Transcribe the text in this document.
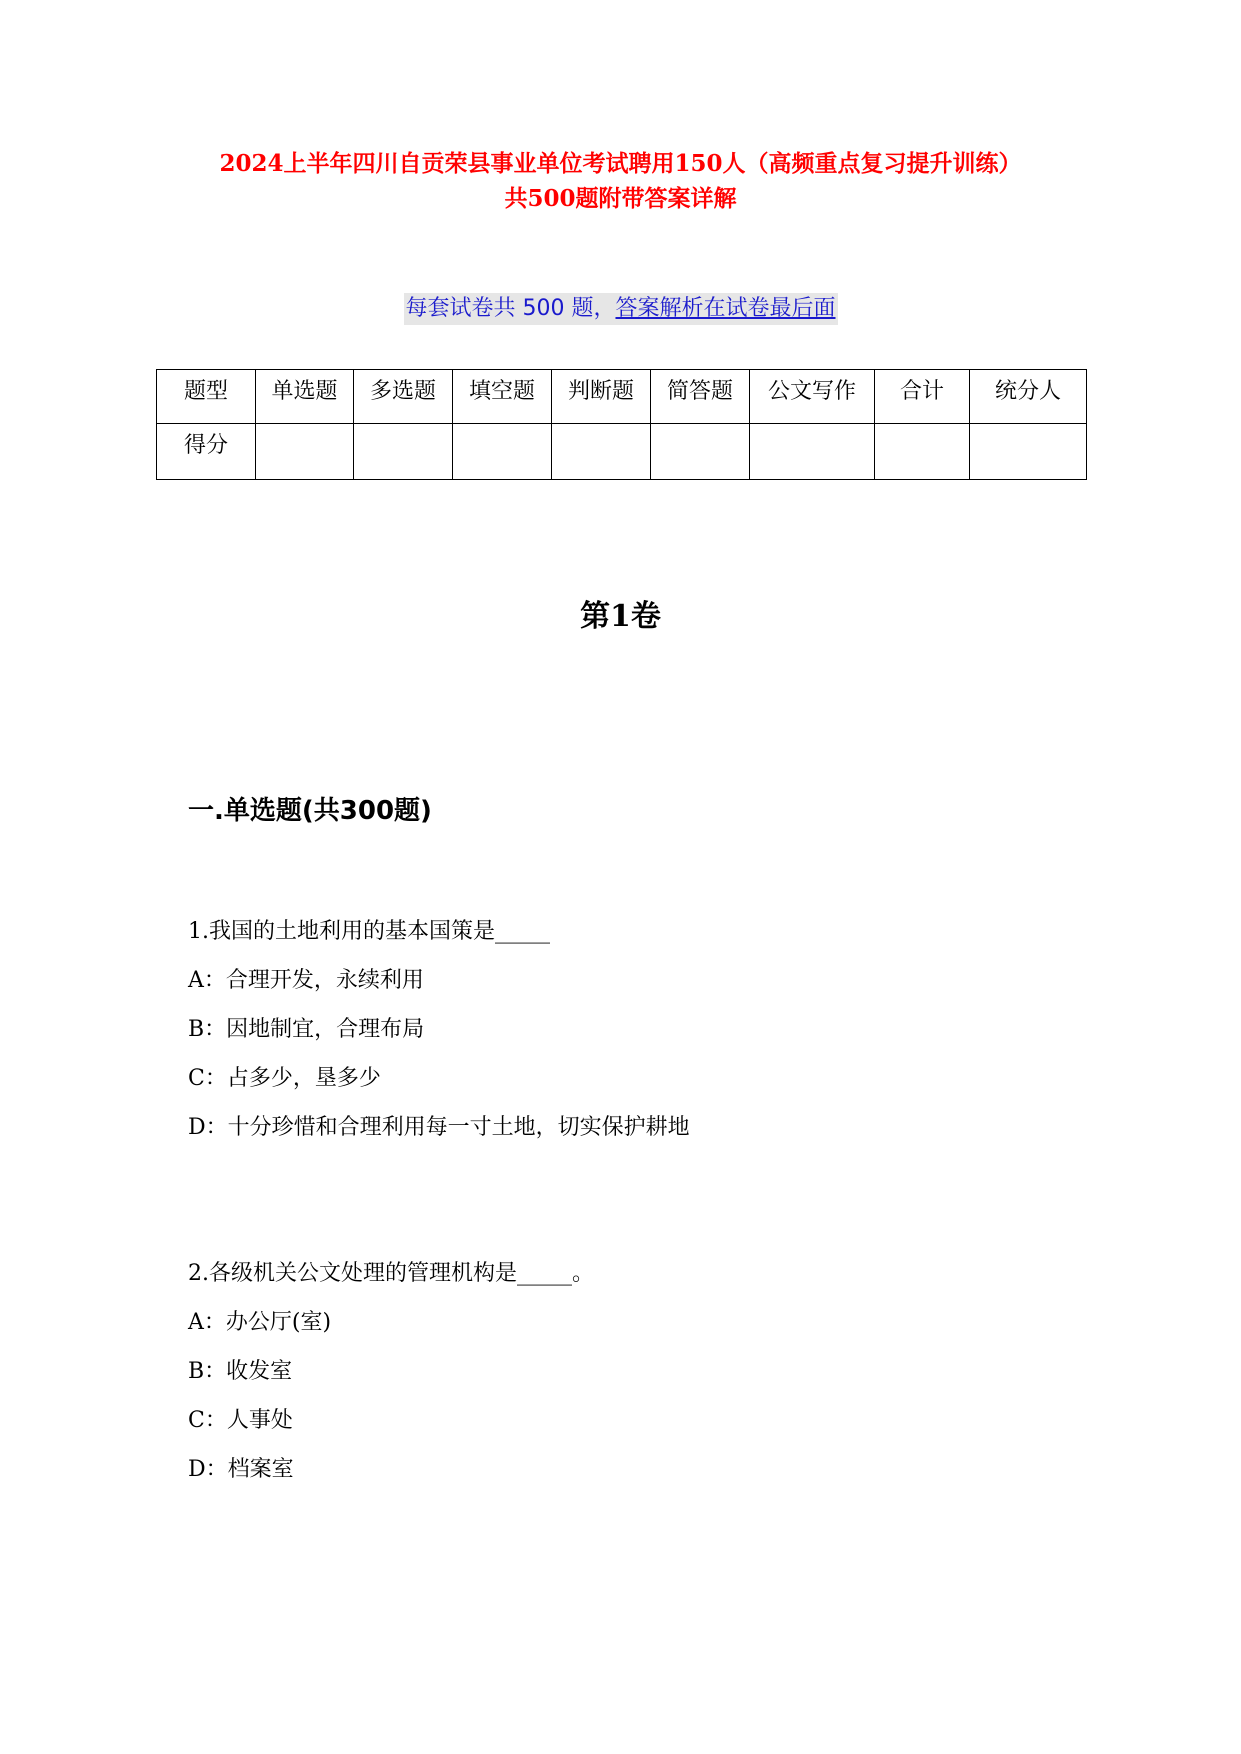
2024上半年四川自贡荣县事业单位考试聘用150人（高频重点复习提升训练）
共500题附带答案详解
每套试卷共 500 题，答案解析在试卷最后面
题型	单选题	多选题	填空题	判断题	简答题	公文写作	合计	统分人
得分								
第1卷
一.单选题(共300题)

1.我国的土地利用的基本国策是_____

A：合理开发，永续利用

B：因地制宜，合理布局

C：占多少，垦多少

D：十分珍惜和合理利用每一寸土地，切实保护耕地

2.各级机关公文处理的管理机构是_____。

A：办公厅(室)

B：收发室

C：人事处

D：档案室
